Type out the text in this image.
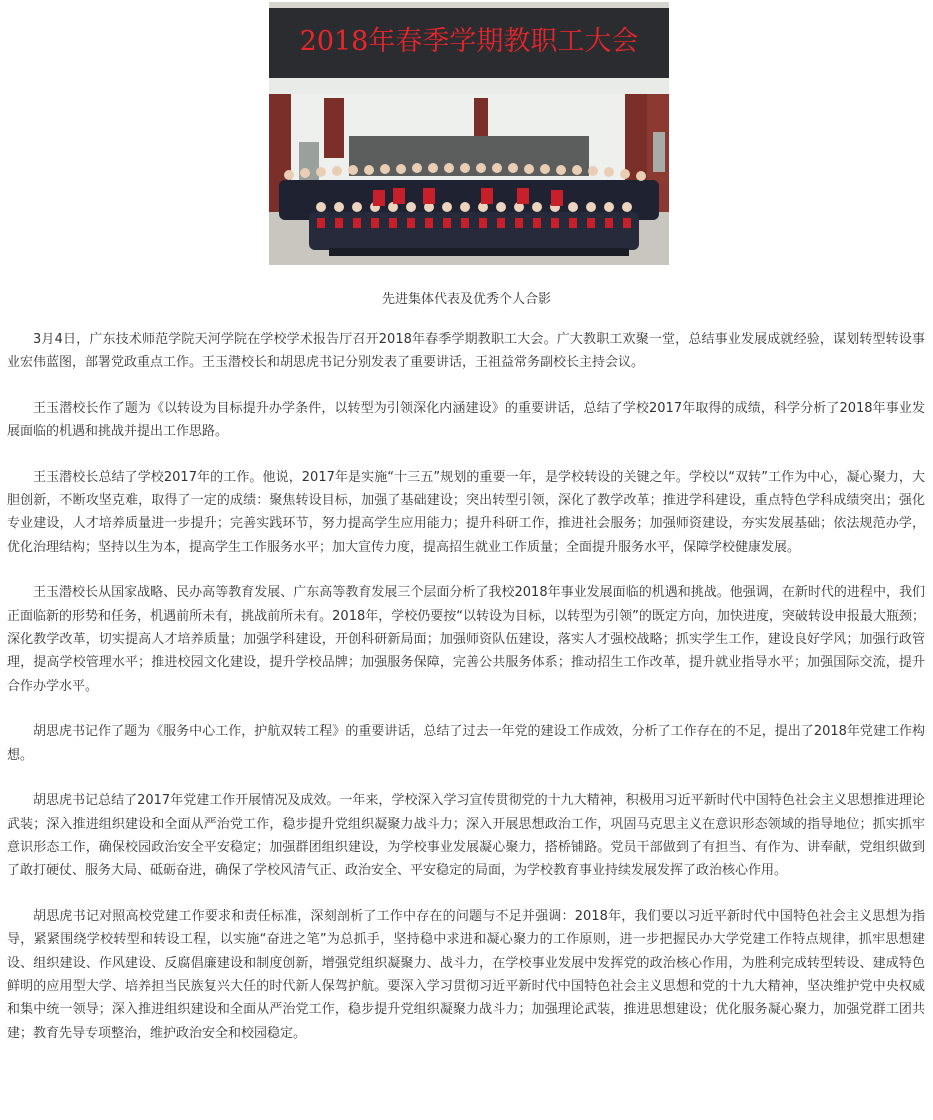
2018年春季学期教职工大会
先进集体代表及优秀个人合影

3月4日，广东技术师范学院天河学院在学校学术报告厅召开2018年春季学期教职工大会。广大教职工欢聚一堂，总结事业发展成就经验，谋划转型转设事业宏伟蓝图，部署党政重点工作。王玉潜校长和胡思虎书记分别发表了重要讲话，王祖益常务副校长主持会议。

王玉潜校长作了题为《以转设为目标提升办学条件，以转型为引领深化内涵建设》的重要讲话，总结了学校2017年取得的成绩，科学分析了2018年事业发展面临的机遇和挑战并提出工作思路。

王玉潜校长总结了学校2017年的工作。他说，2017年是实施“十三五”规划的重要一年，是学校转设的关键之年。学校以“双转”工作为中心，凝心聚力，大胆创新，不断攻坚克难，取得了一定的成绩：聚焦转设目标，加强了基础建设；突出转型引领，深化了教学改革；推进学科建设，重点特色学科成绩突出；强化专业建设，人才培养质量进一步提升；完善实践环节，努力提高学生应用能力；提升科研工作，推进社会服务；加强师资建设，夯实发展基础；依法规范办学，优化治理结构；坚持以生为本，提高学生工作服务水平；加大宣传力度，提高招生就业工作质量；全面提升服务水平，保障学校健康发展。

王玉潜校长从国家战略、民办高等教育发展、广东高等教育发展三个层面分析了我校2018年事业发展面临的机遇和挑战。他强调，在新时代的进程中，我们正面临新的形势和任务，机遇前所未有，挑战前所未有。2018年，学校仍要按“以转设为目标，以转型为引领”的既定方向，加快进度，突破转设申报最大瓶颈；深化教学改革，切实提高人才培养质量；加强学科建设，开创科研新局面；加强师资队伍建设，落实人才强校战略；抓实学生工作，建设良好学风；加强行政管理，提高学校管理水平；推进校园文化建设，提升学校品牌；加强服务保障，完善公共服务体系；推动招生工作改革，提升就业指导水平；加强国际交流，提升合作办学水平。

胡思虎书记作了题为《服务中心工作，护航双转工程》的重要讲话，总结了过去一年党的建设工作成效，分析了工作存在的不足，提出了2018年党建工作构想。

胡思虎书记总结了2017年党建工作开展情况及成效。一年来，学校深入学习宣传贯彻党的十九大精神，积极用习近平新时代中国特色社会主义思想推进理论武装；深入推进组织建设和全面从严治党工作，稳步提升党组织凝聚力战斗力；深入开展思想政治工作，巩固马克思主义在意识形态领域的指导地位；抓实抓牢意识形态工作，确保校园政治安全平安稳定；加强群团组织建设，为学校事业发展凝心聚力，搭桥铺路。党员干部做到了有担当、有作为、讲奉献，党组织做到了敢打硬仗、服务大局、砥砺奋进，确保了学校风清气正、政治安全、平安稳定的局面，为学校教育事业持续发展发挥了政治核心作用。

胡思虎书记对照高校党建工作要求和责任标准，深刻剖析了工作中存在的问题与不足并强调：2018年，我们要以习近平新时代中国特色社会主义思想为指导，紧紧围绕学校转型和转设工程，以实施“奋进之笔”为总抓手，坚持稳中求进和凝心聚力的工作原则，进一步把握民办大学党建工作特点规律，抓牢思想建设、组织建设、作风建设、反腐倡廉建设和制度创新，增强党组织凝聚力、战斗力，在学校事业发展中发挥党的政治核心作用，为胜利完成转型转设、建成特色鲜明的应用型大学、培养担当民族复兴大任的时代新人保驾护航。要深入学习贯彻习近平新时代中国特色社会主义思想和党的十九大精神，坚决维护党中央权威和集中统一领导；深入推进组织建设和全面从严治党工作，稳步提升党组织凝聚力战斗力；加强理论武装，推进思想建设；优化服务凝心聚力，加强党群工团共建；教育先导专项整治，维护政治安全和校园稳定。
